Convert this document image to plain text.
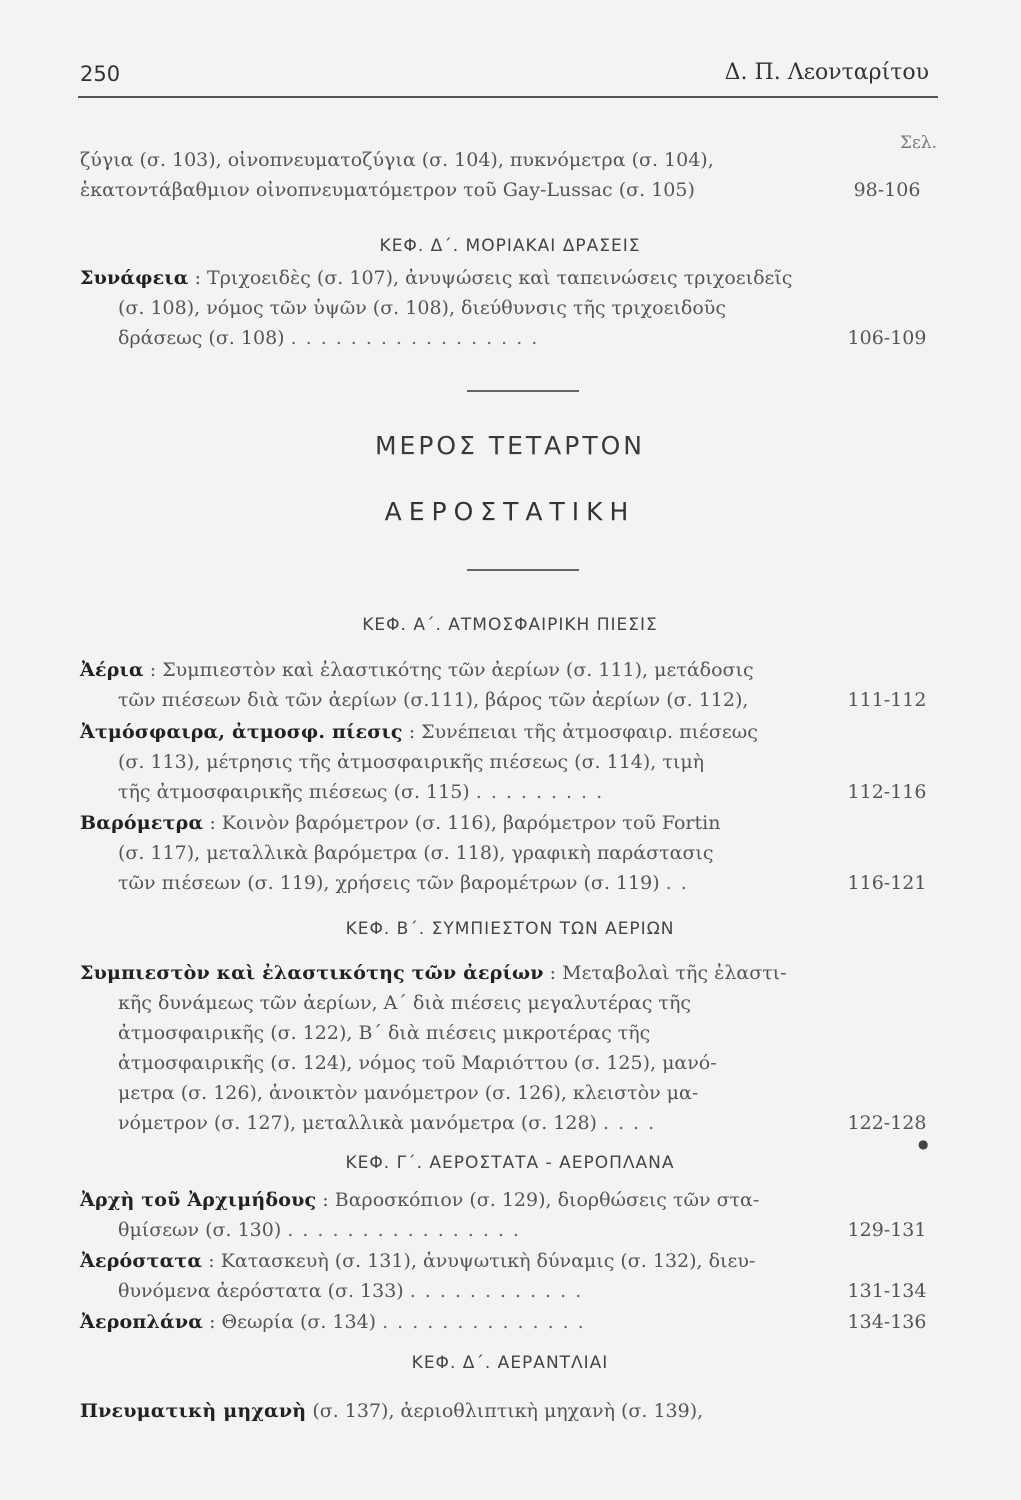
250	Δ. Π. Λεονταρίτου
Σελ.
ζύγια (σ. 103), οἰνοπνευματοζύγια (σ. 104), πυκνόμετρα (σ. 104),
ἑκατοντάβαθμιον οἰνοπνευματόμετρον τοῦ Gay-Lussac (σ. 105)	98-106
ΚΕΦ. Δ΄. ΜΟΡΙΑΚΑΙ ΔΡΑΣΕΙΣ
Συνάφεια : Τριχοειδὲς (σ. 107), ἀνυψώσεις καὶ ταπεινώσεις τριχοειδεῖς
(σ. 108), νόμος τῶν ὑψῶν (σ. 108), διεύθυνσις τῆς τριχοειδοῦς
δράσεως (σ. 108) .................	106-109
ΜΕΡΟΣ ΤΕΤΑΡΤΟΝ
ΑΕΡΟΣΤΑΤΙΚΗ
ΚΕΦ. Α΄. ΑΤΜΟΣΦΑΙΡΙΚΗ ΠΙΕΣΙΣ
Ἀέρια : Συμπιεστὸν καὶ ἐλαστικότης τῶν ἀερίων (σ. 111), μετάδοσις
τῶν πιέσεων διὰ τῶν ἀερίων (σ.111), βάρος τῶν ἀερίων (σ. 112),	111-112
Ἀτμόσφαιρα, ἀτμοσφ. πίεσις : Συνέπειαι τῆς ἀτμοσφαιρ. πιέσεως
(σ. 113), μέτρησις τῆς ἀτμοσφαιρικῆς πιέσεως (σ. 114), τιμὴ
τῆς ἀτμοσφαιρικῆς πιέσεως (σ. 115) .........	112-116
Βαρόμετρα : Κοινὸν βαρόμετρον (σ. 116), βαρόμετρον τοῦ Fortin
(σ. 117), μεταλλικὰ βαρόμετρα (σ. 118), γραφικὴ παράστασις
τῶν πιέσεων (σ. 119), χρήσεις τῶν βαρομέτρων (σ. 119) ..	116-121
ΚΕΦ. Β΄. ΣΥΜΠΙΕΣΤΟΝ ΤΩΝ ΑΕΡΙΩΝ
Συμπιεστὸν καὶ ἐλαστικότης τῶν ἀερίων : Μεταβολαὶ τῆς ἐλαστι-
κῆς δυνάμεως τῶν ἀερίων, Α΄ διὰ πιέσεις μεγαλυτέρας τῆς
ἀτμοσφαιρικῆς (σ. 122), Β΄ διὰ πιέσεις μικροτέρας τῆς
ἀτμοσφαιρικῆς (σ. 124), νόμος τοῦ Μαριόττου (σ. 125), μανό-
μετρα (σ. 126), ἀνοικτὸν μανόμετρον (σ. 126), κλειστὸν μα-
νόμετρον (σ. 127), μεταλλικὰ μανόμετρα (σ. 128) ....	122-128
●
ΚΕΦ. Γ΄. ΑΕΡΟΣΤΑΤΑ - ΑΕΡΟΠΛΑΝΑ
Ἀρχὴ τοῦ Ἀρχιμήδους : Βαροσκόπιον (σ. 129), διορθώσεις τῶν στα-
θμίσεων (σ. 130) ................	129-131
Ἀερόστατα : Κατασκευὴ (σ. 131), ἀνυψωτικὴ δύναμις (σ. 132), διευ-
θυνόμενα ἀερόστατα (σ. 133) ............	131-134
Ἀεροπλάνα : Θεωρία (σ. 134) ..............	134-136
ΚΕΦ. Δ΄. ΑΕΡΑΝΤΛΙΑΙ
Πνευματικὴ μηχανὴ (σ. 137), ἀεριοθλιπτικὴ μηχανὴ (σ. 139),
